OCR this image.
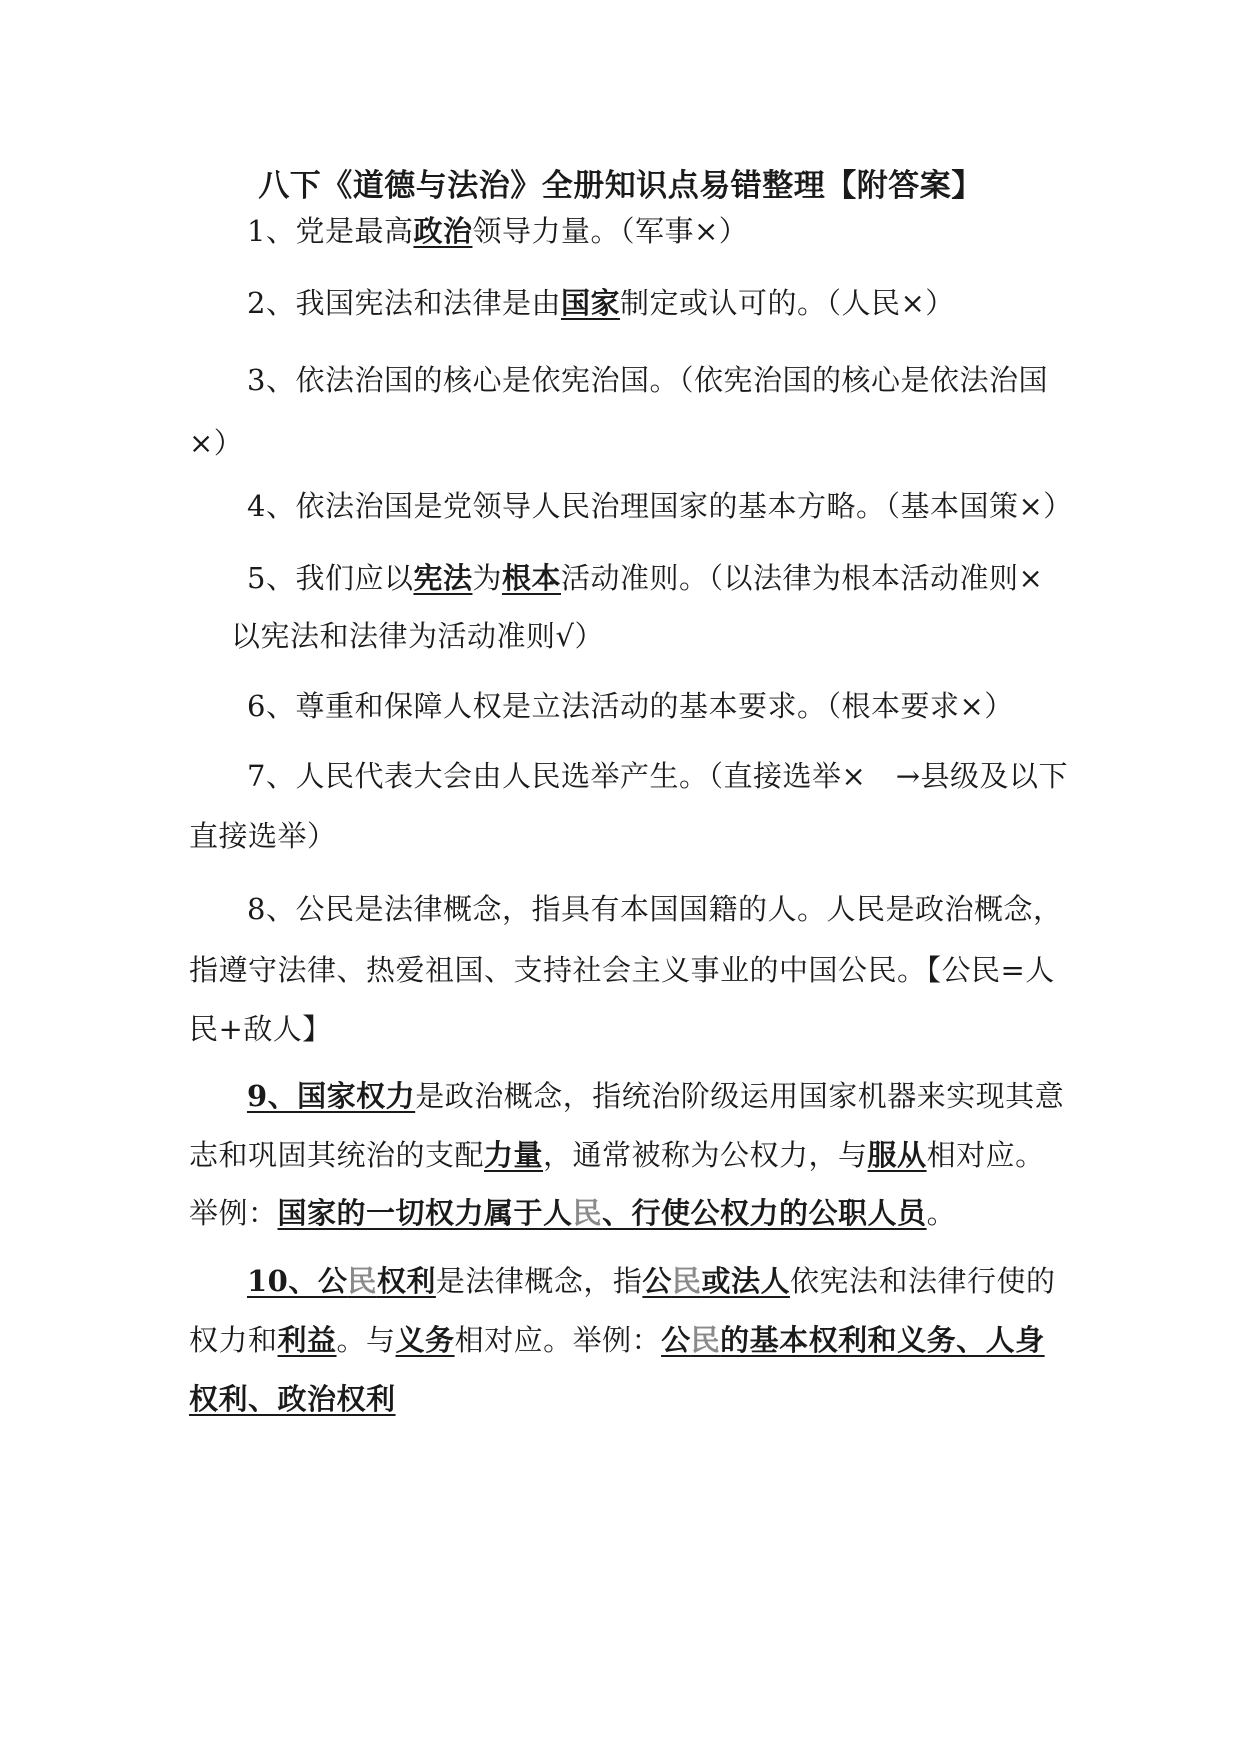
八下《道德与法治》全册知识点易错整理【附答案】
1、党是最高政治领导力量。（军事×）
2、我国宪法和法律是由国家制定或认可的。（人民×）
3、依法治国的核心是依宪治国。（依宪治国的核心是依法治国
×）
4、依法治国是党领导人民治理国家的基本方略。（基本国策×）
5、我们应以宪法为根本活动准则。（以法律为根本活动准则×
以宪法和法律为活动准则√）
6、尊重和保障人权是立法活动的基本要求。（根本要求×）
7、人民代表大会由人民选举产生。（直接选举×　→县级及以下
直接选举）
8、公民是法律概念，指具有本国国籍的人。人民是政治概念，
指遵守法律、热爱祖国、支持社会主义事业的中国公民。【公民=人
民+敌人】
9、国家权力是政治概念，指统治阶级运用国家机器来实现其意
志和巩固其统治的支配力量，通常被称为公权力，与服从相对应。
举例：国家的一切权力属于人民、行使公权力的公职人员。
10、公民权利是法律概念，指公民或法人依宪法和法律行使的
权力和利益。与义务相对应。举例：公民的基本权利和义务、人身
权利、政治权利
